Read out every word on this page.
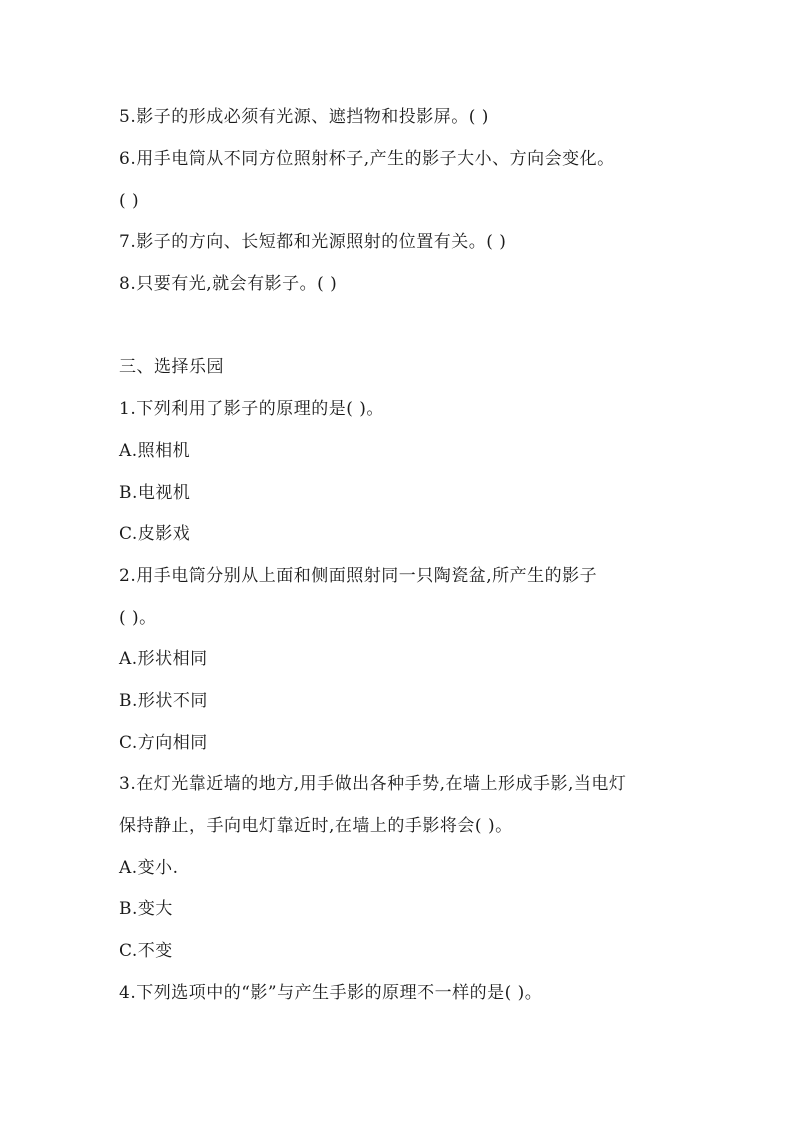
5.影子的形成必须有光源、遮挡物和投影屏。( )
6.用手电筒从不同方位照射杯子,产生的影子大小、方向会变化。
( )
7.影子的方向、长短都和光源照射的位置有关。( )
8.只要有光,就会有影子。( )
三、选择乐园
1.下列利用了影子的原理的是( )。
A.照相机
B.电视机
C.皮影戏
2.用手电筒分别从上面和侧面照射同一只陶瓷盆,所产生的影子
( )。
A.形状相同
B.形状不同
C.方向相同
3.在灯光靠近墙的地方,用手做出各种手势,在墙上形成手影,当电灯
保持静止，手向电灯靠近时,在墙上的手影将会( )。
A.变小.
B.变大
C.不变
4.下列选项中的“影”与产生手影的原理不一样的是( )。
